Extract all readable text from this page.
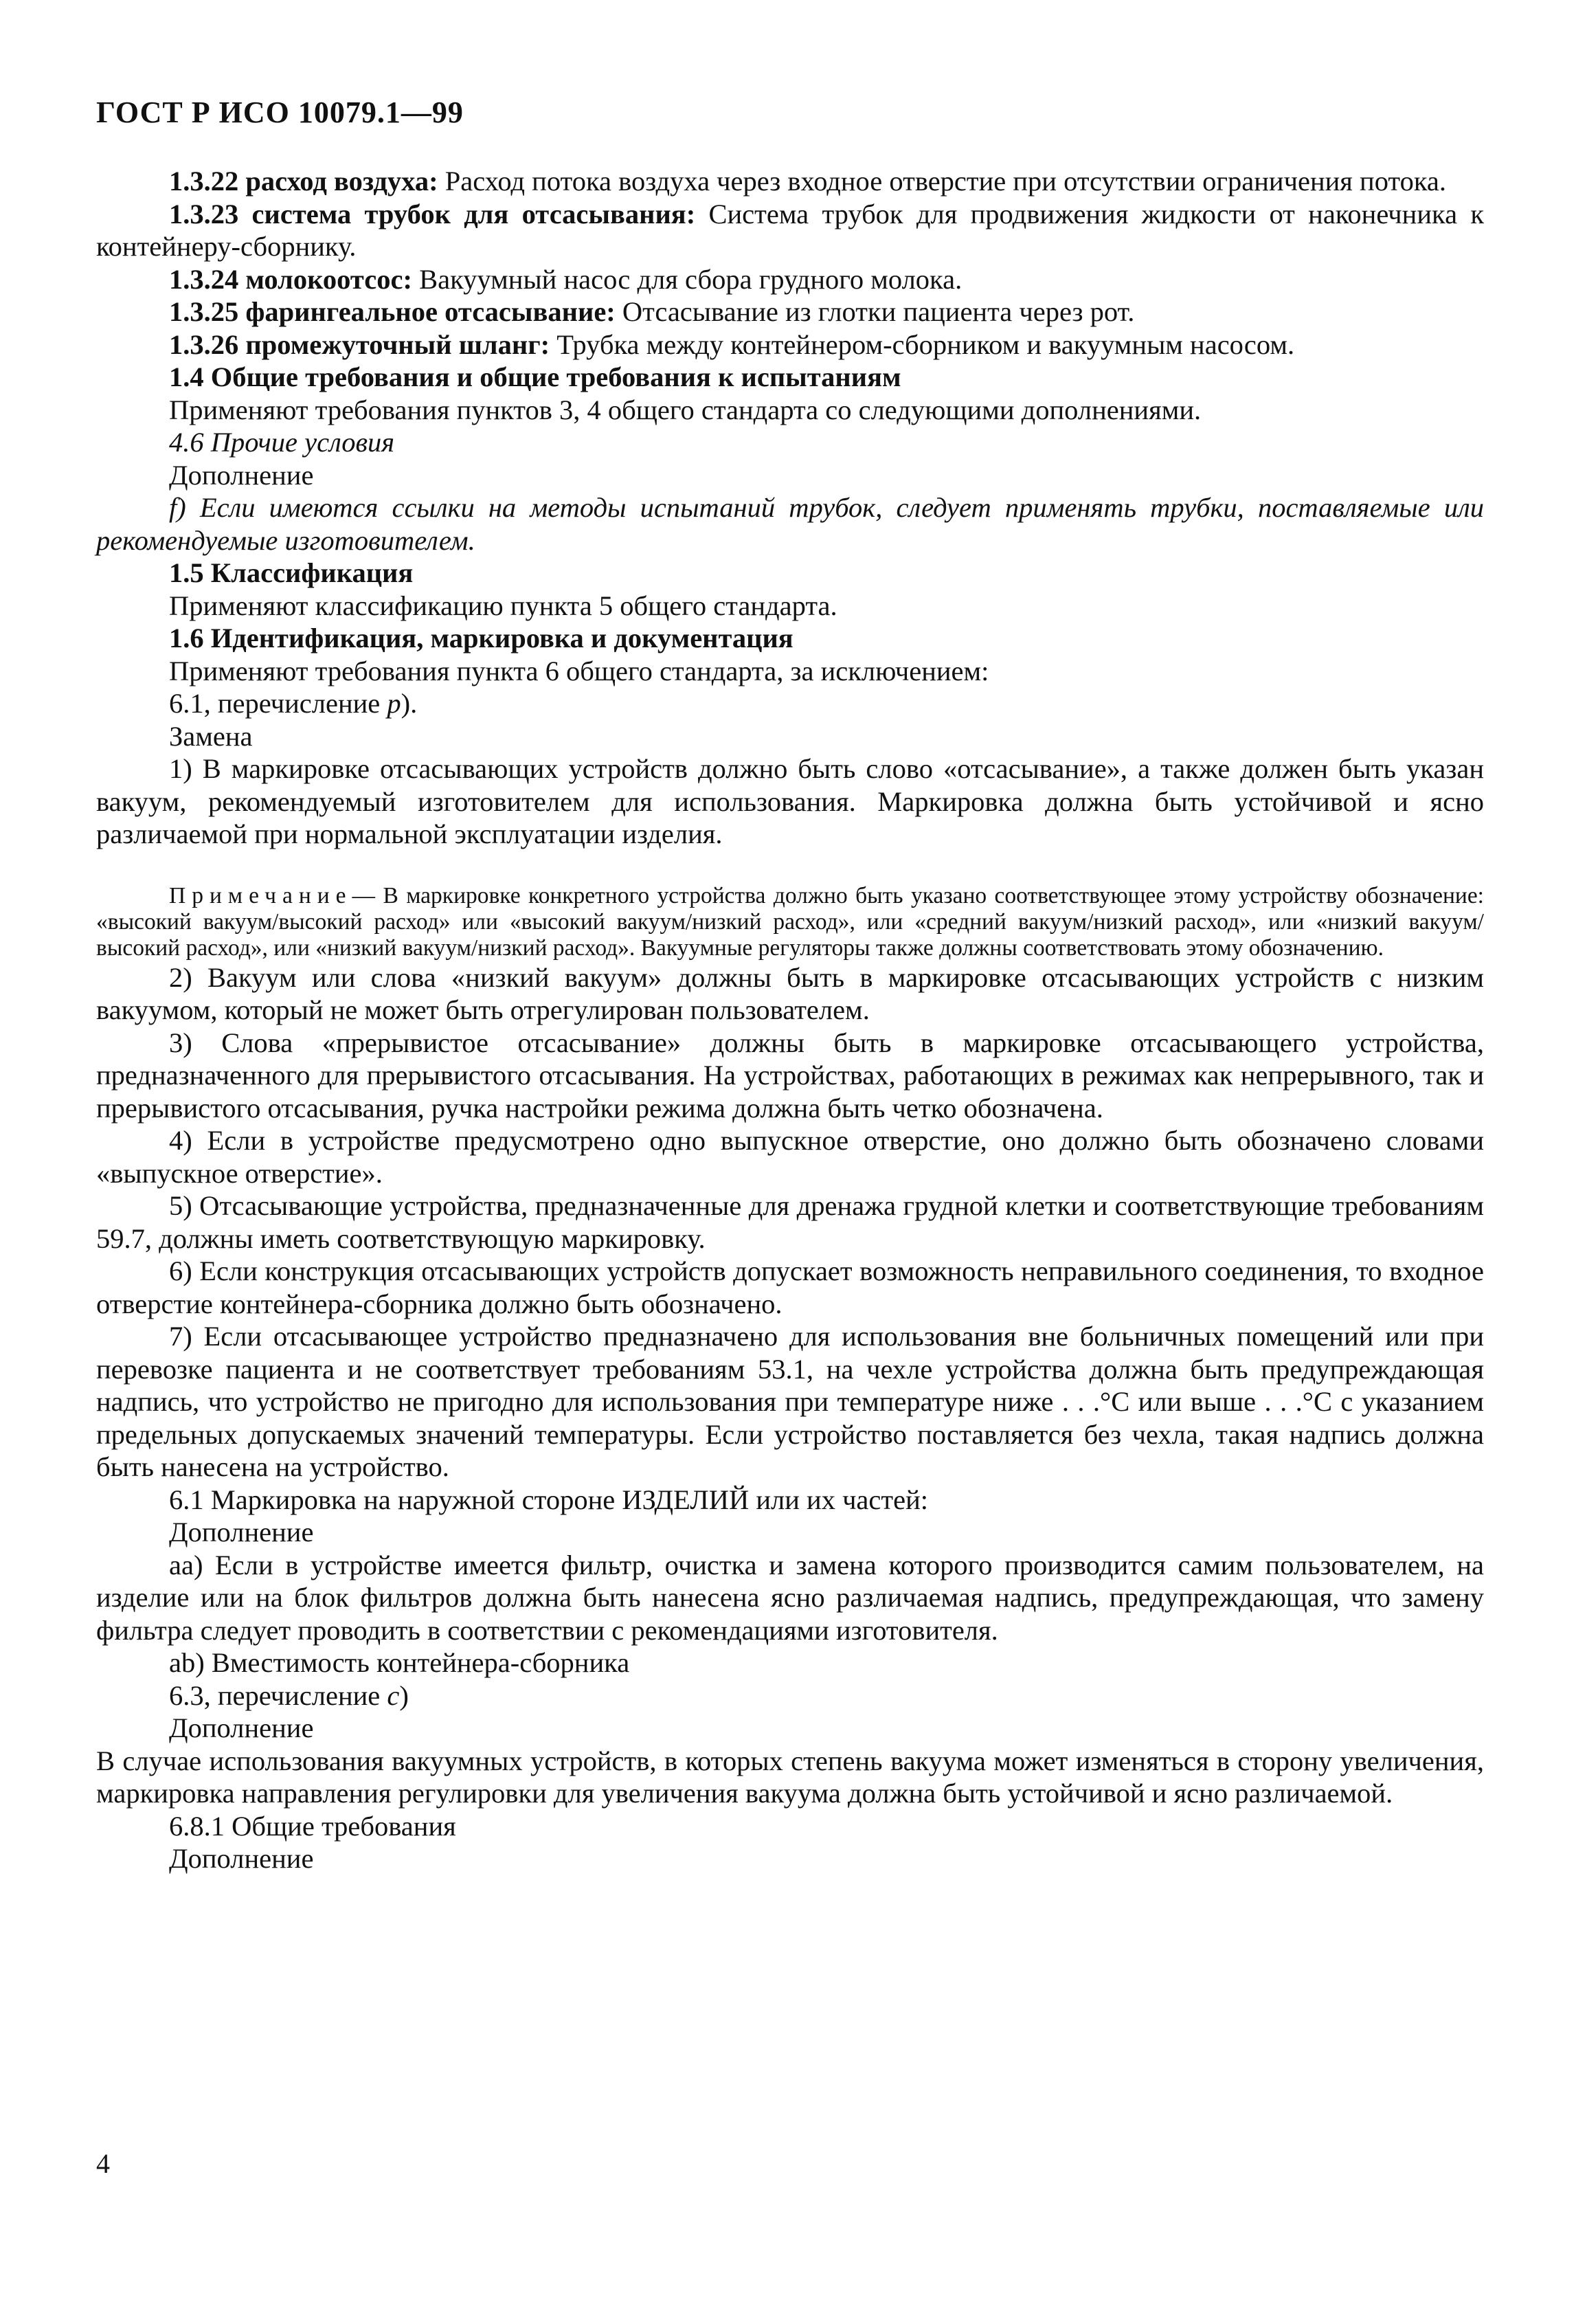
ГОСТ Р ИСО 10079.1—99

1.3.22 расход воздуха: Расход потока воздуха через входное отверстие при отсутствии ограничения потока.

1.3.23 система трубок для отсасывания: Система трубок для продвижения жидкости от наконечника к контейнеру-сборнику.

1.3.24 молокоотсос: Вакуумный насос для сбора грудного молока.

1.3.25 фарингеальное отсасывание: Отсасывание из глотки пациента через рот.

1.3.26 промежуточный шланг: Трубка между контейнером-сборником и вакуумным насосом.

1.4 Общие требования и общие требования к испытаниям

Применяют требования пунктов 3, 4 общего стандарта со следующими дополнениями.

4.6 Прочие условия

Дополнение

f) Если имеются ссылки на методы испытаний трубок, следует применять трубки, поставляемые или рекомендуемые изготовителем.

1.5 Классификация

Применяют классификацию пункта 5 общего стандарта.

1.6 Идентификация, маркировка и документация

Применяют требования пункта 6 общего стандарта, за исключением:

6.1, перечисление p).

Замена

1) В маркировке отсасывающих устройств должно быть слово «отсасывание», а также должен быть указан вакуум, рекомендуемый изготовителем для использования. Маркировка должна быть устойчивой и ясно различаемой при нормальной эксплуатации изделия.

Примечание— В маркировке конкретного устройства должно быть указано соответствующее этому устройству обозначение: «высокий вакуум/высокий расход» или «высокий вакуум/низкий расход», или «средний вакуум/низкий расход», или «низкий вакуум/высокий расход», или «низкий вакуум/низкий расход». Вакуумные регуляторы также должны соответствовать этому обозначению.

2) Вакуум или слова «низкий вакуум» должны быть в маркировке отсасывающих устройств с низким вакуумом, который не может быть отрегулирован пользователем.

3) Слова «прерывистое отсасывание» должны быть в маркировке отсасывающего устройства, предназначенного для прерывистого отсасывания. На устройствах, работающих в режимах как непрерывного, так и прерывистого отсасывания, ручка настройки режима должна быть четко обозначена.

4) Если в устройстве предусмотрено одно выпускное отверстие, оно должно быть обозначено словами «выпускное отверстие».

5) Отсасывающие устройства, предназначенные для дренажа грудной клетки и соответствующие требованиям 59.7, должны иметь соответствующую маркировку.

6) Если конструкция отсасывающих устройств допускает возможность неправильного соединения, то входное отверстие контейнера-сборника должно быть обозначено.

7) Если отсасывающее устройство предназначено для использования вне больничных помещений или при перевозке пациента и не соответствует требованиям 53.1, на чехле устройства должна быть предупреждающая надпись, что устройство не пригодно для использования при температуре ниже . . .°С или выше . . .°С с указанием предельных допускаемых значений температуры. Если устройство поставляется без чехла, такая надпись должна быть нанесена на устройство.

6.1 Маркировка на наружной стороне ИЗДЕЛИЙ или их частей:

Дополнение

аа) Если в устройстве имеется фильтр, очистка и замена которого производится самим пользователем, на изделие или на блок фильтров должна быть нанесена ясно различаемая надпись, предупреждающая, что замену фильтра следует проводить в соответствии с рекомендациями изготовителя.

ab) Вместимость контейнера-сборника

6.3, перечисление c)

Дополнение

В случае использования вакуумных устройств, в которых степень вакуума может изменяться в сторону увеличения, маркировка направления регулировки для увеличения вакуума должна быть устойчивой и ясно различаемой.

6.8.1 Общие требования

Дополнение

4
